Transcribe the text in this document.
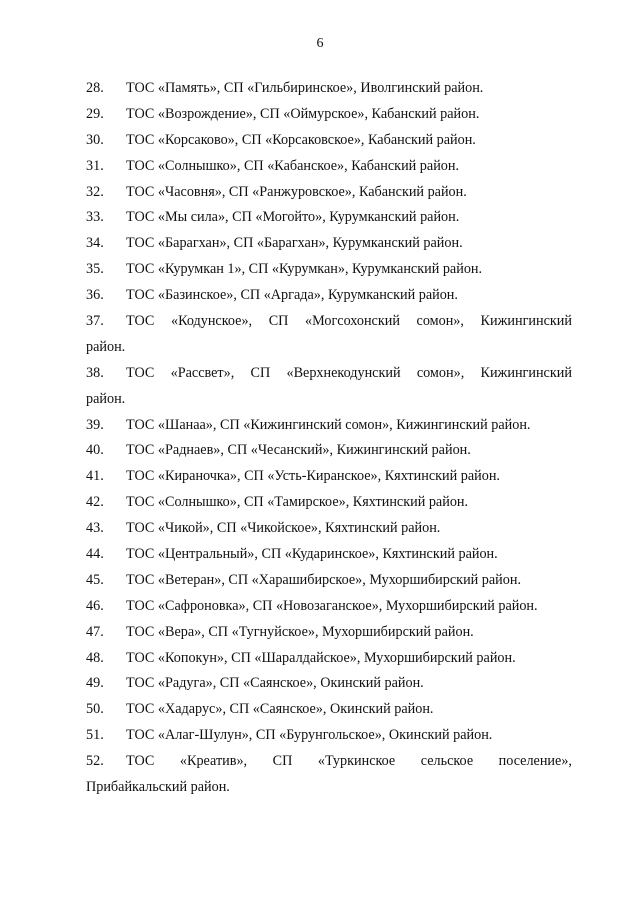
6
28.	ТОС «Память», СП «Гильбиринское», Иволгинский район.
29.	ТОС «Возрождение», СП «Оймурское», Кабанский район.
30.	ТОС «Корсаково», СП «Корсаковское», Кабанский район.
31.	ТОС «Солнышко», СП «Кабанское», Кабанский район.
32.	ТОС «Часовня», СП «Ранжуровское», Кабанский район.
33.	ТОС «Мы сила», СП «Могойто», Курумканский район.
34.	ТОС «Барагхан», СП «Барагхан», Курумканский район.
35.	ТОС «Курумкан 1», СП «Курумкан», Курумканский район.
36.	ТОС «Базинское», СП «Аргада», Курумканский район.
37.	ТОС «Кодунское», СП «Могсохонский сомон», Кижингинский
район.
38.	ТОС «Рассвет», СП «Верхнекодунский сомон», Кижингинский
район.
39.	ТОС «Шанаа», СП «Кижингинский сомон», Кижингинский район.
40.	ТОС «Раднаев», СП «Чесанский», Кижингинский район.
41.	ТОС «Кираночка», СП «Усть-Киранское», Кяхтинский район.
42.	ТОС «Солнышко», СП «Тамирское», Кяхтинский район.
43.	ТОС «Чикой», СП «Чикойское», Кяхтинский район.
44.	ТОС «Центральный», СП «Кударинское», Кяхтинский район.
45.	ТОС «Ветеран», СП «Харашибирское», Мухоршибирский район.
46.	ТОС «Сафроновка», СП «Новозаганское», Мухоршибирский район.
47.	ТОС «Вера», СП «Тугнуйское», Мухоршибирский район.
48.	ТОС «Копокун», СП «Шаралдайское», Мухоршибирский район.
49.	ТОС «Радуга», СП «Саянское», Окинский район.
50.	ТОС «Хадарус», СП «Саянское», Окинский район.
51.	ТОС «Алаг-Шулун», СП «Бурунгольское», Окинский район.
52.	ТОС «Креатив», СП «Туркинское сельское поселение»,
Прибайкальский район.
